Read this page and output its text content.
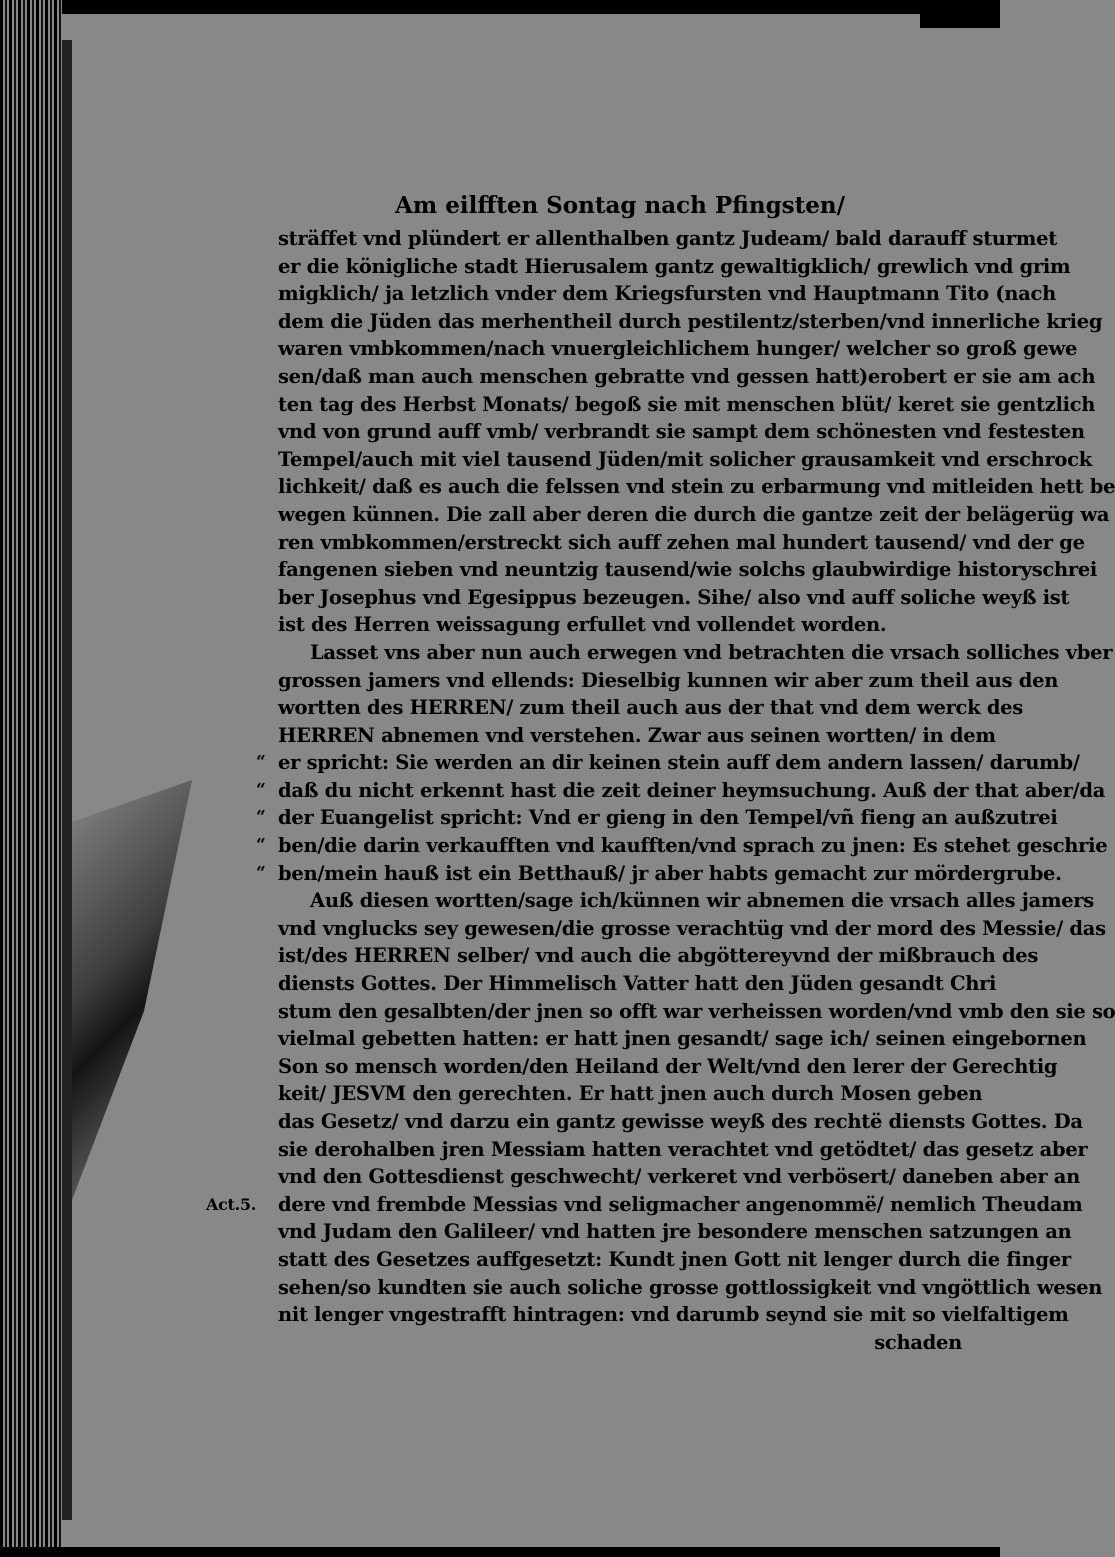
Am eilfften Sontag nach Pfingsten/
sträffet vnd plündert er allenthalben gantz Judeam/ bald darauff sturmet
er die königliche stadt Hierusalem gantz gewaltigklich/ grewlich vnd grim
migklich/ ja letzlich vnder dem Kriegsfursten vnd Hauptmann Tito (nach
dem die Jüden das merhentheil durch pestilentz/sterben/vnd innerliche krieg
waren vmbkommen/nach vnuergleichlichem hunger/ welcher so groß gewe
sen/daß man auch menschen gebratte vnd gessen hatt)erobert er sie am ach
ten tag des Herbst Monats/ begoß sie mit menschen blüt/ keret sie gentzlich
vnd von grund auff vmb/ verbrandt sie sampt dem schönesten vnd festesten
Tempel/auch mit viel tausend Jüden/mit solicher grausamkeit vnd erschrock
lichkeit/ daß es auch die felssen vnd stein zu erbarmung vnd mitleiden hett be
wegen künnen. Die zall aber deren die durch die gantze zeit der belägerüg wa
ren vmbkommen/erstreckt sich auff zehen mal hundert tausend/ vnd der ge
fangenen sieben vnd neuntzig tausend/wie solchs glaubwirdige historyschrei
ber Josephus vnd Egesippus bezeugen. Sihe/ also vnd auff soliche weyß ist
ist des Herren weissagung erfullet vnd vollendet worden.
Lasset vns aber nun auch erwegen vnd betrachten die vrsach solliches vber
grossen jamers vnd ellends: Dieselbig kunnen wir aber zum theil aus den
wortten des HERREN/ zum theil auch aus der that vnd dem werck des
HERREN abnemen vnd verstehen. Zwar aus seinen wortten/ in dem
er spricht: Sie werden an dir keinen stein auff dem andern lassen/ darumb/
“
daß du nicht erkennt hast die zeit deiner heymsuchung. Auß der that aber/da
“
der Euangelist spricht: Vnd er gieng in den Tempel/vñ fieng an außzutrei
“
ben/die darin verkaufften vnd kaufften/vnd sprach zu jnen: Es stehet geschrie
“
ben/mein hauß ist ein Betthauß/ jr aber habts gemacht zur mördergrube.
“
Auß diesen wortten/sage ich/künnen wir abnemen die vrsach alles jamers
vnd vnglucks sey gewesen/die grosse verachtüg vnd der mord des Messie/ das
ist/des HERREN selber/ vnd auch die abgöttereyvnd der mißbrauch des
diensts Gottes. Der Himmelisch Vatter hatt den Jüden gesandt Chri
stum den gesalbten/der jnen so offt war verheissen worden/vnd vmb den sie so
vielmal gebetten hatten: er hatt jnen gesandt/ sage ich/ seinen eingebornen
Son so mensch worden/den Heiland der Welt/vnd den lerer der Gerechtig
keit/ JESVM den gerechten. Er hatt jnen auch durch Mosen geben
das Gesetz/ vnd darzu ein gantz gewisse weyß des rechtë diensts Gottes. Da
sie derohalben jren Messiam hatten verachtet vnd getödtet/ das gesetz aber
vnd den Gottesdienst geschwecht/ verkeret vnd verbösert/ daneben aber an
dere vnd frembde Messias vnd seligmacher angenommë/ nemlich Theudam
Act.5.
vnd Judam den Galileer/ vnd hatten jre besondere menschen satzungen an
statt des Gesetzes auffgesetzt: Kundt jnen Gott nit lenger durch die finger
sehen/so kundten sie auch soliche grosse gottlossigkeit vnd vngöttlich wesen
nit lenger vngestrafft hintragen: vnd darumb seynd sie mit so vielfaltigem
schaden
